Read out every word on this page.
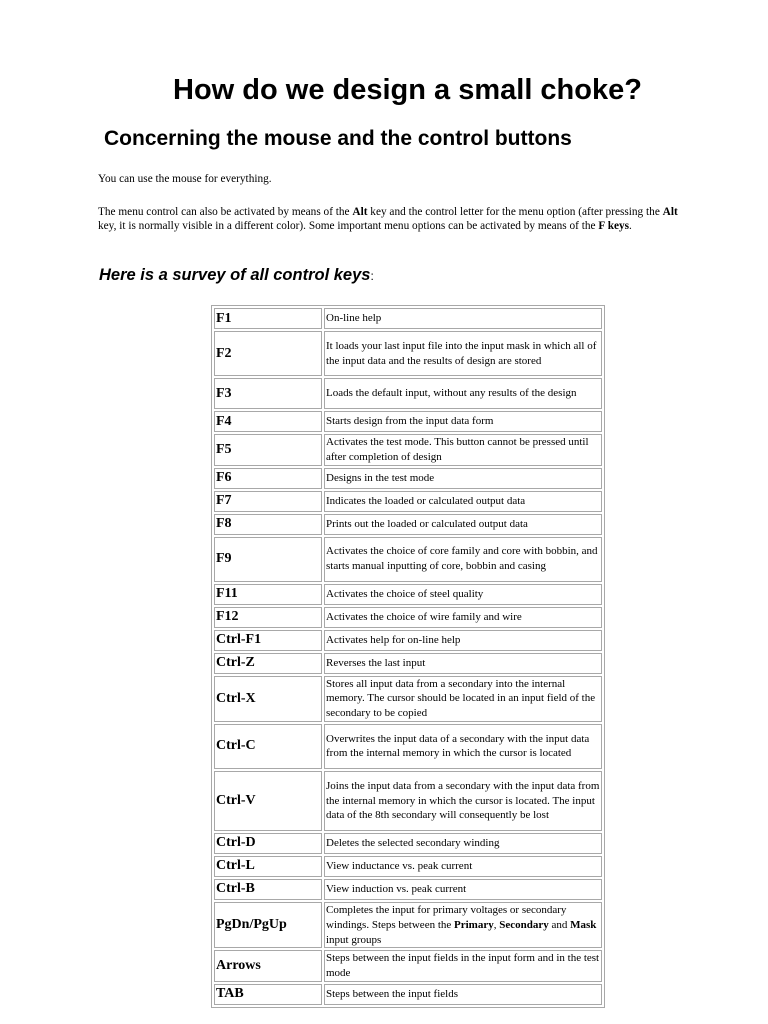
How do we design a small choke?
Concerning the mouse and the control buttons

You can use the mouse for everything.

The menu control can also be activated by means of the Alt key and the control letter for the menu option (after pressing the Alt key, it is normally visible in a different color). Some important menu options can be activated by means of the F keys.

Here is a survey of all control keys:
F1	On-line help
F2	It loads your last input file into the input mask in which all of the input data and the results of design are stored
F3	Loads the default input, without any results of the design
F4	Starts design from the input data form
F5	Activates the test mode. This button cannot be pressed until after completion of design
F6	Designs in the test mode
F7	Indicates the loaded or calculated output data
F8	Prints out the loaded or calculated output data
F9	Activates the choice of core family and core with bobbin, and starts manual inputting of core, bobbin and casing
F11	Activates the choice of steel quality
F12	Activates the choice of wire family and wire
Ctrl-F1	Activates help for on-line help
Ctrl-Z	Reverses the last input
Ctrl-X	Stores all input data from a secondary into the internal memory. The cursor should be located in an input field of the secondary to be copied
Ctrl-C	Overwrites the input data of a secondary with the input data from the internal memory in which the cursor is located
Ctrl-V	Joins the input data from a secondary with the input data from the internal memory in which the cursor is located. The input data of the 8th secondary will consequently be lost
Ctrl-D	Deletes the selected secondary winding
Ctrl-L	View inductance vs. peak current
Ctrl-B	View induction vs. peak current
PgDn/PgUp	Completes the input for primary voltages or secondary windings. Steps between the Primary, Secondary and Mask input groups
Arrows	Steps between the input fields in the input form and in the test mode
TAB	Steps between the input fields
